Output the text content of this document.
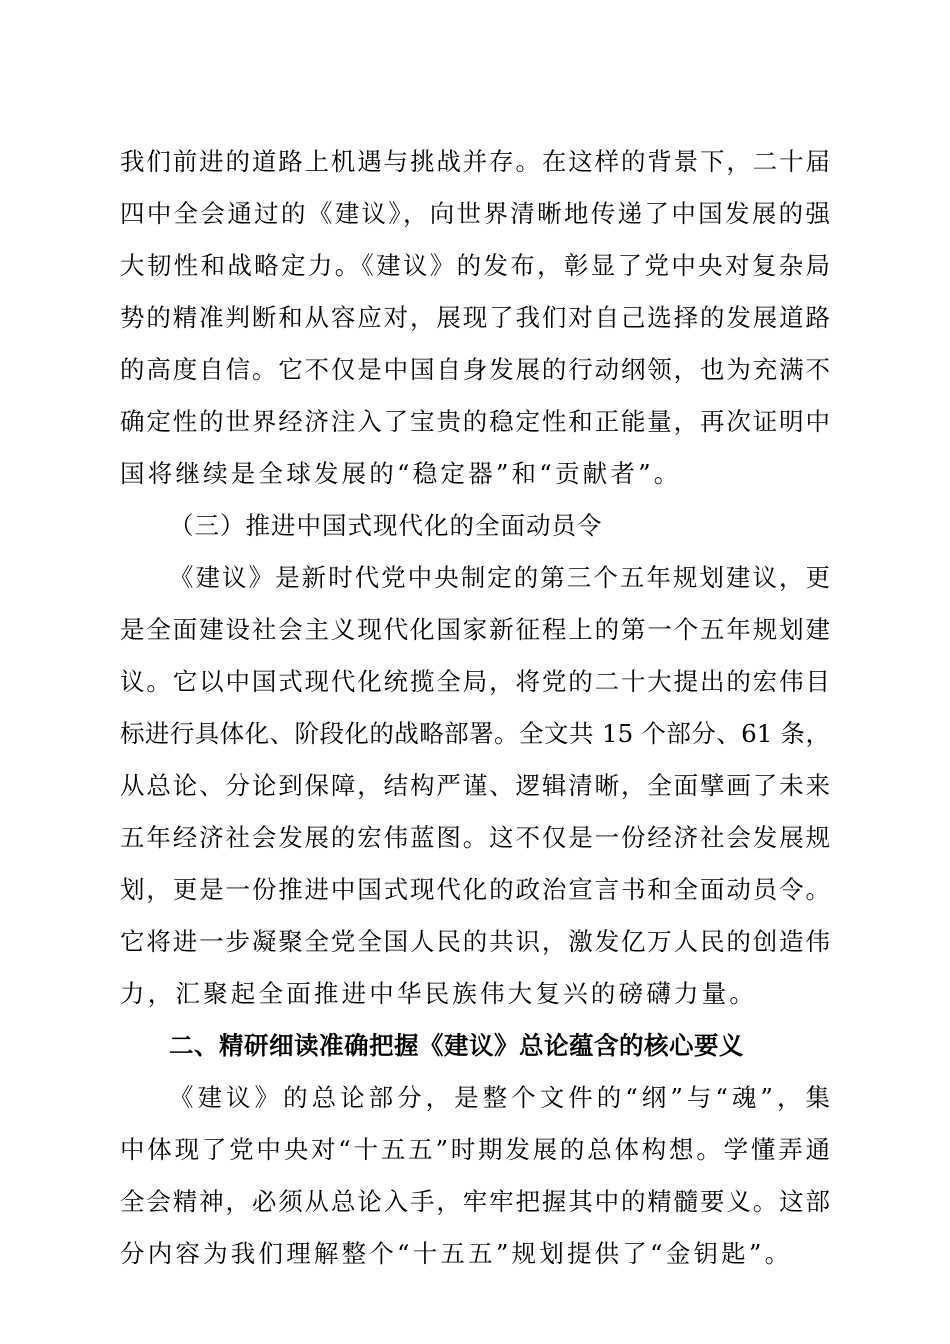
我们前进的道路上机遇与挑战并存。在这样的背景下，二十届
四中全会通过的《建议》，向世界清晰地传递了中国发展的强
大韧性和战略定力。《建议》的发布，彰显了党中央对复杂局
势的精准判断和从容应对，展现了我们对自己选择的发展道路
的高度自信。它不仅是中国自身发展的行动纲领，也为充满不
确定性的世界经济注入了宝贵的稳定性和正能量，再次证明中
国将继续是全球发展的“稳定器”和“贡献者”。
（三）推进中国式现代化的全面动员令
《建议》是新时代党中央制定的第三个五年规划建议，更
是全面建设社会主义现代化国家新征程上的第一个五年规划建
议。它以中国式现代化统揽全局，将党的二十大提出的宏伟目
标进行具体化、阶段化的战略部署。全文共 15 个部分、61 条，
从总论、分论到保障，结构严谨、逻辑清晰，全面擘画了未来
五年经济社会发展的宏伟蓝图。这不仅是一份经济社会发展规
划，更是一份推进中国式现代化的政治宣言书和全面动员令。
它将进一步凝聚全党全国人民的共识，激发亿万人民的创造伟
力，汇聚起全面推进中华民族伟大复兴的磅礴力量。
二、精研细读准确把握《建议》总论蕴含的核心要义
《建议》的总论部分，是整个文件的“纲”与“魂”，集
中体现了党中央对“十五五”时期发展的总体构想。学懂弄通
全会精神，必须从总论入手，牢牢把握其中的精髓要义。这部
分内容为我们理解整个“十五五”规划提供了“金钥匙”。
